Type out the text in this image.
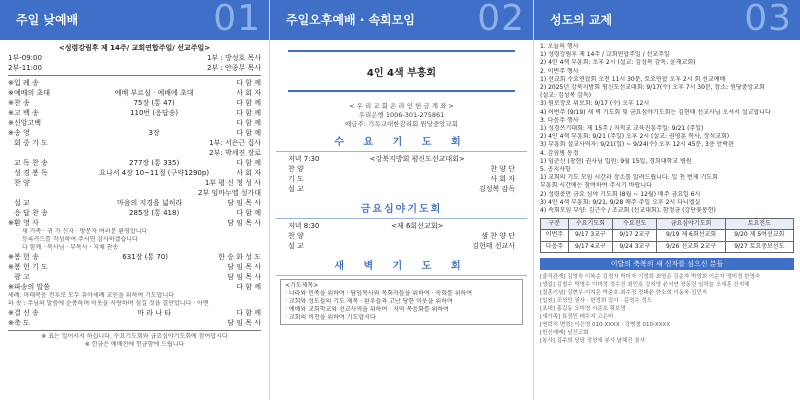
주일 낮예배	01
<성령강림후 제 14주/ 교회연합주일/ 선교주일>
1부-09:00
2부-11:00
1부 : 방성호 목사
2부 : 안종무 목사
※입 례 송	다 함 께
※예배의 초대	예배 부르심 · 예배에 초대	사 회 자
※찬 송	75장 (통 47)	다 함 께
※고 백 송	110번 (응답송)	다 함 께
※신앙고백	다 함 께
※송 영	3장	다 함 께
회 중 기 도	1부: 서은근 집사
2부: 박세진 장로
교 독 찬 송	277장 (통 335)	다 함 께
성 경 봉 독	요나서 4장 10~11절 (구약1290p)	사 회 자
찬 양	1부 평 신 청 성 사
2부 임마누엘 성가대
설 교	마음의 지경을 넓히라	담 임 목 사
응 답 찬 송	285장 (통 418)	다 함 께
※환 영 사	담 임 목 사
새 가족 · 귀 가 신자 · 방문자 여러분 환영합니다
등록카드를 작성하여 주시면 감사하겠습니다
다 함께 · 목사님 · 부목사 · 지체 찬송
※봉 헌 송	631장 (통 70)	한 승 화 성 도
※봉 헌 기 도	담 임 목 사
광 고	담 임 목 사
※파송의 말씀	다 함 께
세례: 마태복음 전후로 모두 유아세례 교인을 위하여 기도합니다
파 송 : 주님의 말씀에 순종하며 이웃을 사랑하며 섬길 것을 결단합니다 · 아멘
※결 신 송	마 라 나 타	다 함 께
※축 도	담 임 목 사
※ 표는 일어서서 하십니다. 수요기도회와 금요심야기도회에 참여합시다
※ 헌금은 예배전에 헌금함에 드립니다
주일오후예배 · 속회모임 02
4인 4색 부흥회
< 우 리 교 회 온 라 인 헌 금 계 좌 >
우리은행 1006-301-275861
예금주: 기독교대한감리회 원당중앙교회
수 요 기 도 회
저녁 7:30	<강북지방회 평신도선교대회>
찬 양	찬 양 단
기 도	사 회 자
설 교	김성복 감독
금요심야기도회
저녁 8:30	<제 6회선교회>
찬 양	샘 찬 양 단
설 교	김현태 선교사
새 벽 기 도 회
<기도제목>
· 나라와 민족을 위하여 · 담임목사와 목회자들을 위하여 · 속회를 위하여
· 교회와 성도들의 기도 제목 · 환우들과 고난 당한 이웃을 위하여
· 예배와 교회학교와 선교사역을 위하여 · 지역 복음화를 위하여
· 교회의 비전을 위하여 기도합시다
성도의 교제	03
1. 오늘의 행사
1) 성령강림후 제 14주 / 교회연합주일 / 선교주일
2) 4인 4색 부흥회: 오후 2시 (설교: 김성복 감독, 윤재교회)
2. 이번주 행사
1) 선교회 수요연합회 오전 11시 30분, 토요연합 오후 2시 회 선교예배
2) 2025년 강북지방회 평신도선교대회: 9/17(수) 오후 7시 30분, 장소: 원당중앙교회
(설교: 김성복 감독)
3) 원로장로 위로회: 9/17 (수) 오후 12시
4) 이번주 (9/19) 새 벽 기도회 및 금요심야기도회는 김현태 선교사님 오셔서 설교합니다
3. 다음주 행사
1) 성경쓰기대회: 제 15주 / 지적교 교육진흥주일: 9/21 (주일)
2) 4인 4색 부흥회: 9/21 (주일) 오후 2시 (설교: 권영훈 목사, 장석교회)
3) 부흥회 설교사역자: 9/21(일) ~ 9/24(수) 오후 12시 45분, 3층 안락관
4. 감염병 동정
1) 임춘신 (창현) 권사님 입원: 9월 15일, 경희대학교 병원
5. 공지사항
1) 교회의 기도 모임 시간과 장소를 알려드립니다. 일 천 번제 기도회
부흥회 시간에는 참여하여 주시기 바랍니다
2) 성령충만 금요 심야 기도회 (8월 ~ 12월) 매주 금요일 6시
3) 4인 4색 부흥회: 9/21, 9/28 매주 주일 오후 2시 다니엘실
4) 속회모임 부양: 김근수 / 조교회 (선교대회), 함정금 (강단꽃봉헌)
구분	수요기도회	수요전도	금요심야기도회	토요전도
이번주	9/17 3교구	9/17 2교구	9/19 제 6회선교회	9/20 제 5여선교회
다음주	9/17 4교구	9/24 3교구	9/26 선교회 2교구	9/27 토요중보선도
이달의 축복의 새 신자를 심으신 분들
[출석관계] 김영숙 이복순 김정자 박미자 이정희 최영순 김순자 박영희 이순자 정미경 한영숙
[생일] 김철수 박영수 이미정 정수진 최민호 강지영 윤서연 장동건 임하늘 오세훈 신지혜
[결혼기념] 김현우·이지은 박준호·최수정 정태윤·한소희 이동욱·김민지
[입원] 조성민 권사 · 한정희 집사 · 문영수 성도
[초대] 홍길동 오미영 서준호 황보영
[새가족] 류정민 배수지 고은비
[연락처 변경] 이은영 010-XXXX · 강병철 010-XXXX
[헌신예배] 남선교회
[봉사] 김주희 담당 정성애 봉사 남혜진 봉사
